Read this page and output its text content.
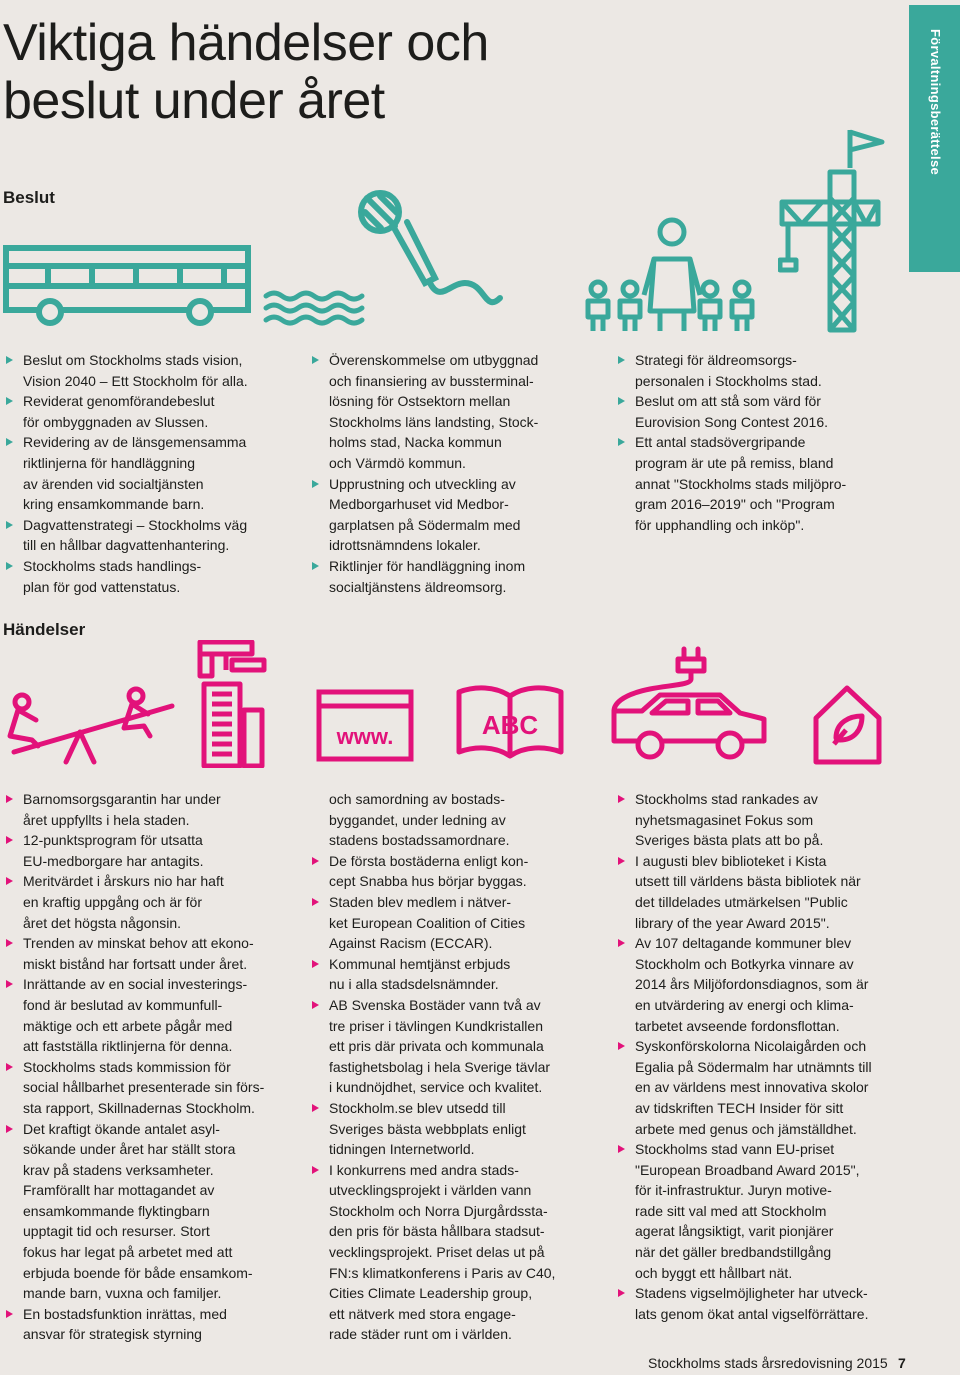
Viktiga händelser och
beslut under året	Förvaltningsberättelse
Beslut
Beslut om Stockholms stads vision,
Vision 2040 – Ett Stockholm för alla.
Reviderat genomförandebeslut
för ombyggnaden av Slussen.
Revidering av de länsgemensamma
riktlinjerna för handläggning
av ärenden vid socialtjänsten
kring ensamkommande barn.
Dagvattenstrategi – Stockholms väg
till en hållbar dagvattenhantering.
Stockholms stads handlings-
plan för god vattenstatus.
Överenskommelse om utbyggnad
och finansiering av bussterminal-
lösning för Ostsektorn mellan
Stockholms läns landsting, Stock-
holms stad, Nacka kommun
och Värmdö kommun.
Upprustning och utveckling av
Medborgarhuset vid Medbor-
garplatsen på Södermalm med
idrottsnämndens lokaler.
Riktlinjer för handläggning inom
socialtjänstens äldreomsorg.
Strategi för äldreomsorgs-
personalen i Stockholms stad.
Beslut om att stå som värd för
Eurovision Song Contest 2016.
Ett antal stadsövergripande
program är ute på remiss, bland
annat "Stockholms stads miljöpro-
gram 2016–2019" och "Program
för upphandling och inköp".
Händelser
www.	ABC
Barnomsorgsgarantin har under
året uppfyllts i hela staden.
12-punktsprogram för utsatta
EU-medborgare har antagits.
Meritvärdet i årskurs nio har haft
en kraftig uppgång och är för
året det högsta någonsin.
Trenden av minskat behov att ekono-
miskt bistånd har fortsatt under året.
Inrättande av en social investerings-
fond är beslutad av kommunfull-
mäktige och ett arbete pågår med
att fastställa riktlinjerna för denna.
Stockholms stads kommission för
social hållbarhet presenterade sin förs-
sta rapport, Skillnadernas Stockholm.
Det kraftigt ökande antalet asyl-
sökande under året har ställt stora
krav på stadens verksamheter.
Framförallt har mottagandet av
ensamkommande flyktingbarn
upptagit tid och resurser. Stort
fokus har legat på arbetet med att
erbjuda boende för både ensamkom-
mande barn, vuxna och familjer.
En bostadsfunktion inrättas, med
ansvar för strategisk styrning
och samordning av bostads-
byggandet, under ledning av
stadens bostadssamordnare.
De första bostäderna enligt kon-
cept Snabba hus börjar byggas.
Staden blev medlem i nätver-
ket European Coalition of Cities
Against Racism (ECCAR).
Kommunal hemtjänst erbjuds
nu i alla stadsdelsnämnder.
AB Svenska Bostäder vann två av
tre priser i tävlingen Kundkristallen
ett pris där privata och kommunala
fastighetsbolag i hela Sverige tävlar
i kundnöjdhet, service och kvalitet.
Stockholm.se blev utsedd till
Sveriges bästa webbplats enligt
tidningen Internetworld.
I konkurrens med andra stads-
utvecklingsprojekt i världen vann
Stockholm och Norra Djurgårdssta-
den pris för bästa hållbara stadsut-
vecklingsprojekt. Priset delas ut på
FN:s klimatkonferens i Paris av C40,
Cities Climate Leadership group,
ett nätverk med stora engage-
rade städer runt om i världen.
Stockholms stad rankades av
nyhetsmagasinet Fokus som
Sveriges bästa plats att bo på.
I augusti blev biblioteket i Kista
utsett till världens bästa bibliotek när
det tilldelades utmärkelsen "Public
library of the year Award 2015".
Av 107 deltagande kommuner blev
Stockholm och Botkyrka vinnare av
2014 års Miljöfordonsdiagnos, som är
en utvärdering av energi och klima-
tarbetet avseende fordonsflottan.
Syskonförskolorna Nicolaigården och
Egalia på Södermalm har utnämnts till
en av världens mest innovativa skolor
av tidskriften TECH Insider för sitt
arbete med genus och jämställdhet.
Stockholms stad vann EU-priset
"European Broadband Award 2015",
för it-infrastruktur. Juryn motive-
rade sitt val med att Stockholm
agerat långsiktigt, varit pionjärer
när det gäller bredbandstillgång
och byggt ett hållbart nät.
Stadens vigselmöjligheter har utveck-
lats genom ökat antal vigselförrättare.
Stockholms stads årsredovisning 2015 7
